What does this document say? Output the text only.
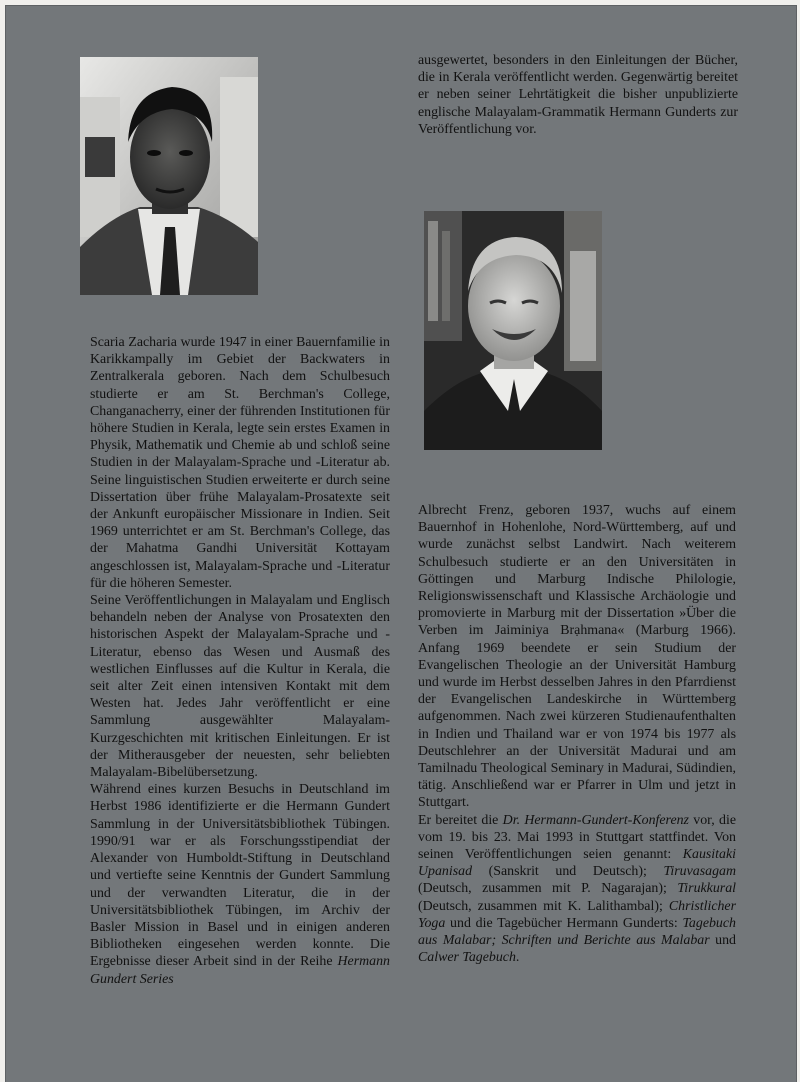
Scaria Zacharia wurde 1947 in einer Bauernfamilie in Karikkampally im Gebiet der Backwaters in Zentralkerala geboren. Nach dem Schulbesuch studierte er am St. Berchman's College, Changanacherry, einer der führenden Institutionen für höhere Studien in Kerala, legte sein erstes Examen in Physik, Mathematik und Chemie ab und schloß seine Studien in der Malayalam-Sprache und -Literatur ab. Seine linguistischen Studien erweiterte er durch seine Dissertation über frühe Malayalam-Prosatexte seit der Ankunft europäischer Missionare in Indien. Seit 1969 unterrichtet er am St. Berchman's College, das der Mahatma Gandhi Universität Kottayam angeschlossen ist, Malayalam-Sprache und -Literatur für die höheren Semester.

Seine Veröffentlichungen in Malayalam und Englisch behandeln neben der Analyse von Prosatexten den historischen Aspekt der Malayalam-Sprache und -Literatur, ebenso das Wesen und Ausmaß des westlichen Einflusses auf die Kultur in Kerala, die seit alter Zeit einen intensiven Kontakt mit dem Westen hat. Jedes Jahr veröffentlicht er eine Sammlung ausgewählter Malayalam-Kurzgeschichten mit kritischen Einleitungen. Er ist der Mitherausgeber der neuesten, sehr beliebten Malayalam-Bibelübersetzung.

Während eines kurzen Besuchs in Deutschland im Herbst 1986 identifizierte er die Hermann Gundert Sammlung in der Universitätsbibliothek Tübingen. 1990/91 war er als Forschungsstipendiat der Alexander von Humboldt-Stiftung in Deutschland und vertiefte seine Kenntnis der Gundert Sammlung und der verwandten Literatur, die in der Universitätsbibliothek Tübingen, im Archiv der Basler Mission in Basel und in einigen anderen Bibliotheken eingesehen werden konnte. Die Ergebnisse dieser Arbeit sind in der Reihe Hermann Gundert Series

ausgewertet, besonders in den Einleitungen der Bücher, die in Kerala veröffentlicht werden. Gegenwärtig bereitet er neben seiner Lehrtätigkeit die bisher unpublizierte englische Malayalam-Grammatik Hermann Gunderts zur Veröffentlichung vor.

Albrecht Frenz, geboren 1937, wuchs auf einem Bauernhof in Hohenlohe, Nord-Württemberg, auf und wurde zunächst selbst Landwirt. Nach weiterem Schulbesuch studierte er an den Universitäten in Göttingen und Marburg Indische Philologie, Religionswissenschaft und Klassische Archäologie und promovierte in Marburg mit der Dissertation »Über die Verben im Jaiminiya Brạhmana« (Marburg 1966). Anfang 1969 beendete er sein Studium der Evangelischen Theologie an der Universität Hamburg und wurde im Herbst desselben Jahres in den Pfarrdienst der Evangelischen Landeskirche in Württemberg aufgenommen. Nach zwei kürzeren Studienaufenthalten in Indien und Thailand war er von 1974 bis 1977 als Deutschlehrer an der Universität Madurai und am Tamilnadu Theological Seminary in Madurai, Südindien, tätig. Anschließend war er Pfarrer in Ulm und jetzt in Stuttgart.

Er bereitet die Dr. Hermann-Gundert-Konferenz vor, die vom 19. bis 23. Mai 1993 in Stuttgart stattfindet. Von seinen Veröffentlichungen seien genannt: Kausitaki Upanisad (Sanskrit und Deutsch); Tiruvasagam (Deutsch, zusammen mit P. Nagarajan); Tirukkural (Deutsch, zusammen mit K. Lalithambal); Christlicher Yoga und die Tagebücher Hermann Gunderts: Tagebuch aus Malabar; Schriften und Berichte aus Malabar und Calwer Tagebuch.
